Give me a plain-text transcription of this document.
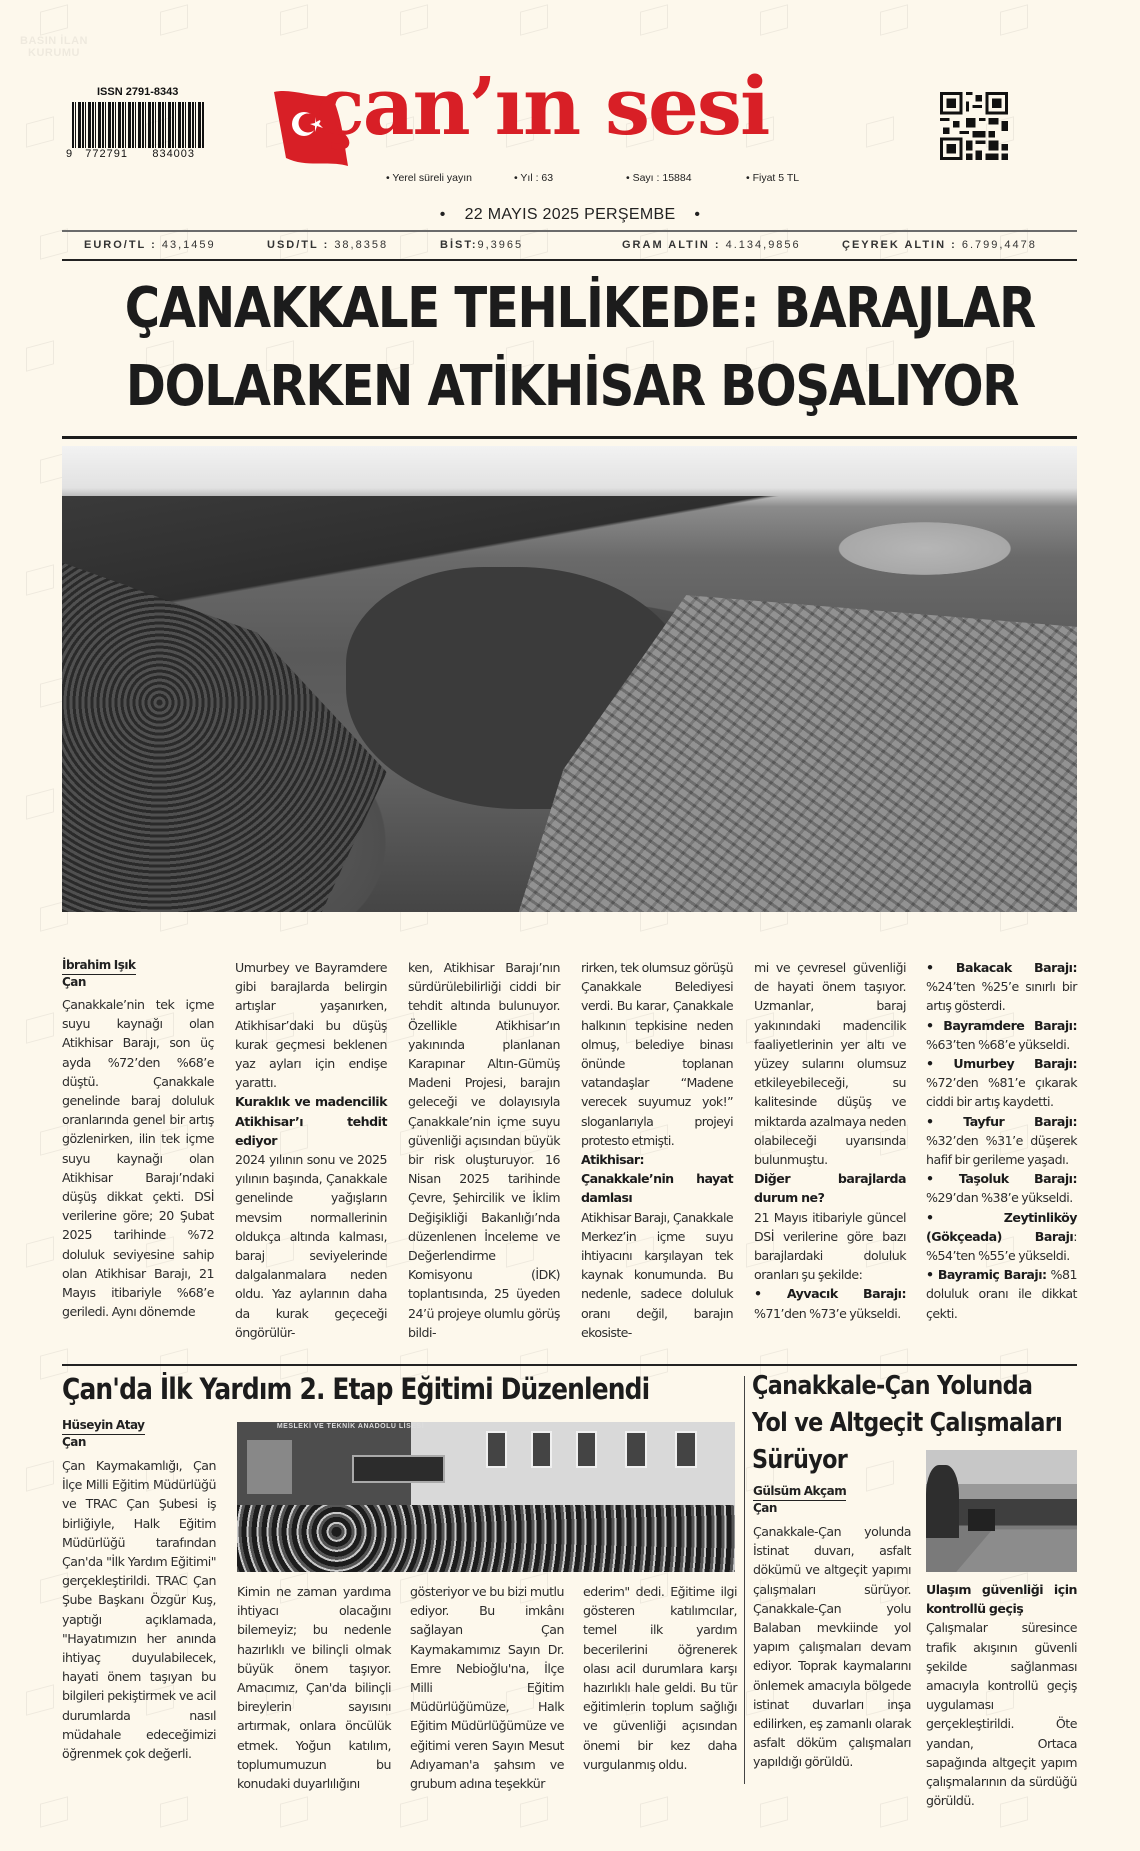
BASIN İLAN
KURUMU
ISSN 2791-8343
9   772791      834003
çan’ın sesi
• Yerel süreli yayın	• Yıl : 63	• Sayı : 15884	• Fiyat 5 TL
•    22 MAYIS 2025 PERŞEMBE    •
EURO/TL : 43,1459	USD/TL : 38,8358	BİST:9,3965	GRAM ALTIN : 4.134,9856	ÇEYREK ALTIN : 6.799,4478
ÇANAKKALE TEHLİKEDE: BARAJLAR
DOLARKEN ATİKHİSAR BOŞALIYOR
İbrahim Işık
Çan

Çanakkale’nin tek içme suyu kaynağı olan Atikhisar Barajı, son üç ayda %72’den %68’e düştü. Çanakkale genelinde baraj doluluk oranlarında genel bir artış gözlenirken, ilin tek içme suyu kaynağı olan Atikhisar Barajı’ndaki düşüş dikkat çekti. DSİ verilerine göre; 20 Şubat 2025 tarihinde %72 doluluk seviyesine sahip olan Atikhisar Barajı, 21 Mayıs itibariyle %68’e geriledi. Aynı dönemde

Umurbey ve Bayramdere gibi barajlarda belirgin artışlar yaşanırken, Atikhisar’daki bu düşüş kurak geçmesi beklenen yaz ayları için endişe yarattı.

Kuraklık ve madencilik Atikhisar’ı tehdit ediyor

2024 yılının sonu ve 2025 yılının başında, Çanakkale genelinde yağışların mevsim normallerinin oldukça altında kalması, baraj seviyelerinde dalgalanmalara neden oldu. Yaz aylarının daha da kurak geçeceği öngörülür-

ken, Atikhisar Barajı’nın sürdürülebilirliği ciddi bir tehdit altında bulunuyor. Özellikle Atikhisar’ın yakınında planlanan Karapınar Altın-Gümüş Madeni Projesi, barajın geleceği ve dolayısıyla Çanakkale’nin içme suyu güvenliği açısından büyük bir risk oluşturuyor. 16 Nisan 2025 tarihinde Çevre, Şehircilik ve İklim Değişikliği Bakanlığı’nda düzenlenen İnceleme ve Değerlendirme Komisyonu (İDK) toplantısında, 25 üyeden 24’ü projeye olumlu görüş bildi-

rirken, tek olumsuz görüşü Çanakkale Belediyesi verdi. Bu karar, Çanakkale halkının tepkisine neden olmuş, belediye binası önünde toplanan vatandaşlar “Madene verecek suyumuz yok!” sloganlarıyla projeyi protesto etmişti.

Atikhisar: Çanakkale’nin hayat damlası

Atikhisar Barajı, Çanakkale Merkez’in içme suyu ihtiyacını karşılayan tek kaynak konumunda. Bu nedenle, sadece doluluk oranı değil, barajın ekosiste-

mi ve çevresel güvenliği de hayati önem taşıyor. Uzmanlar, baraj yakınındaki madencilik faaliyetlerinin yer altı ve yüzey sularını olumsuz etkileyebileceği, su kalitesinde düşüş ve miktarda azalmaya neden olabileceği uyarısında bulunmuştu.

Diğer barajlarda durum ne?

21 Mayıs itibariyle güncel DSİ verilerine göre bazı barajlardaki doluluk oranları şu şekilde:

• Ayvacık Barajı: %71’den %73’e yükseldi.

• Bakacak Barajı: %24’ten %25’e sınırlı bir artış gösterdi.

• Bayramdere Barajı: %63’ten %68’e yükseldi.

• Umurbey Barajı: %72’den %81’e çıkarak ciddi bir artış kaydetti.

• Tayfur Barajı: %32’den %31’e düşerek hafif bir gerileme yaşadı.

• Taşoluk Barajı: %29’dan %38’e yükseldi.

• Zeytinliköy (Gökçeada) Barajı: %54’ten %55’e yükseldi.

• Bayramiç Barajı: %81 doluluk oranı ile dikkat çekti.

Çan'da İlk Yardım 2. Etap Eğitimi Düzenlendi
Hüseyin Atay
Çan

Çan Kaymakamlığı, Çan İlçe Milli Eğitim Müdürlüğü ve TRAC Çan Şubesi iş birliğiyle, Halk Eğitim Müdürlüğü tarafından Çan'da "İlk Yardım Eğitimi" gerçekleştirildi. TRAC Çan Şube Başkanı Özgür Kuş, yaptığı açıklamada, "Hayatımızın her anında ihtiyaç duyulabilecek, hayati önem taşıyan bu bilgileri pekiştirmek ve acil durumlarda nasıl müdahale edeceğimizi öğrenmek çok değerli.

MESLEKİ VE TEKNİK ANADOLU LİSESİ

Kimin ne zaman yardıma ihtiyacı olacağını bilemeyiz; bu nedenle hazırlıklı ve bilinçli olmak büyük önem taşıyor. Amacımız, Çan'da bilinçli bireylerin sayısını artırmak, onlara öncülük etmek. Yoğun katılım, toplumumuzun bu konudaki duyarlılığını

gösteriyor ve bu bizi mutlu ediyor. Bu imkânı sağlayan Çan Kaymakamımız Sayın Dr. Emre Nebioğlu'na, İlçe Milli Eğitim Müdürlüğümüze, Halk Eğitim Müdürlüğümüze ve eğitimi veren Sayın Mesut Adıyaman'a şahsım ve grubum adına teşekkür

ederim" dedi. Eğitime ilgi gösteren katılımcılar, temel ilk yardım becerilerini öğrenerek olası acil durumlara karşı hazırlıklı hale geldi. Bu tür eğitimlerin toplum sağlığı ve güvenliği açısından önemi bir kez daha vurgulanmış oldu.

Çanakkale-Çan Yolunda
Yol ve Altgeçit Çalışmaları
Sürüyor
Gülsüm Akçam
Çan

Çanakkale-Çan yolunda İstinat duvarı, asfalt dökümü ve altgeçit yapımı çalışmaları sürüyor. Çanakkale-Çan yolu Balaban mevkiinde yol yapım çalışmaları devam ediyor. Toprak kaymalarını önlemek amacıyla bölgede istinat duvarları inşa edilirken, eş zamanlı olarak asfalt döküm çalışmaları yapıldığı görüldü.

Ulaşım güvenliği için kontrollü geçiş

Çalışmalar süresince trafik akışının güvenli şekilde sağlanması amacıyla kontrollü geçiş uygulaması gerçekleştirildi. Öte yandan, Ortaca sapağında altgeçit yapım çalışmalarının da sürdüğü görüldü.
